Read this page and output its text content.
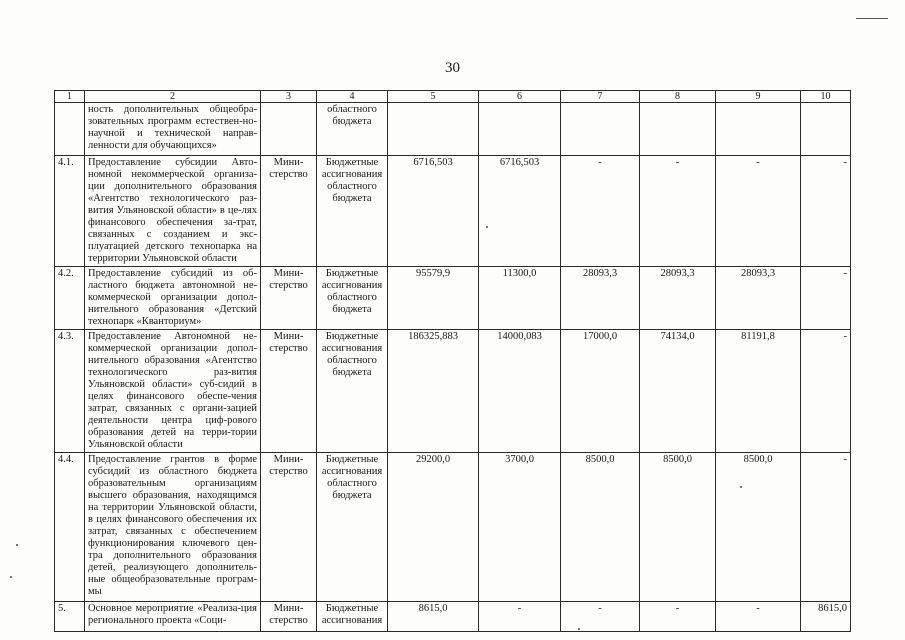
30
1	2	3	4	5	6	7	8	9	10
	ность дополнительных общеобра-зовательных программ естествен-но-научной и технической направ-ленности для обучающихся»		областного бюджета						
4.1.	Предоставление субсидии Авто-номной некоммерческой организа-ции дополнительного образования «Агентство технологического раз-вития Ульяновской области» в це-лях финансового обеспечения за-трат, связанных с созданием и экс-плуатацией детского технопарка на территории Ульяновской области	Мини-стерство	Бюджетные ассигнования областного бюджета	6716,503	6716,503	-	-	-	-
4.2.	Предоставление субсидий из об-ластного бюджета автономной не-коммерческой организации допол-нительного образования «Детский технопарк «Кванториум»	Мини-стерство	Бюджетные ассигнования областного бюджета	95579,9	11300,0	28093,3	28093,3	28093,3	-
4.3.	Предоставление Автономной не-коммерческой организации допол-нительного образования «Агентство технологического раз-вития Ульяновской области» суб-сидий в целях финансового обеспе-чения затрат, связанных с органи-зацией деятельности центра циф-рового образования детей на терри-тории Ульяновской области	Мини-стерство	Бюджетные ассигнования областного бюджета	186325,883	14000,083	17000,0	74134,0	81191,8	-
4.4.	Предоставление грантов в форме субсидий из областного бюджета образовательным организациям высшего образования, находящимся на территории Ульяновской области, в целях финансового обеспечения их затрат, связанных с обеспечением функционирования ключевого цен-тра дополнительного образования детей, реализующего дополнитель-ные общеобразовательные програм-мы	Мини-стерство	Бюджетные ассигнования областного бюджета	29200,0	3700,0	8500,0	8500,0	8500,0	-
5.	Основное мероприятие «Реализа-ция регионального проекта «Соци-	Мини-стерство	Бюджетные ассигнования	8615,0	-	-	-	-	8615,0
